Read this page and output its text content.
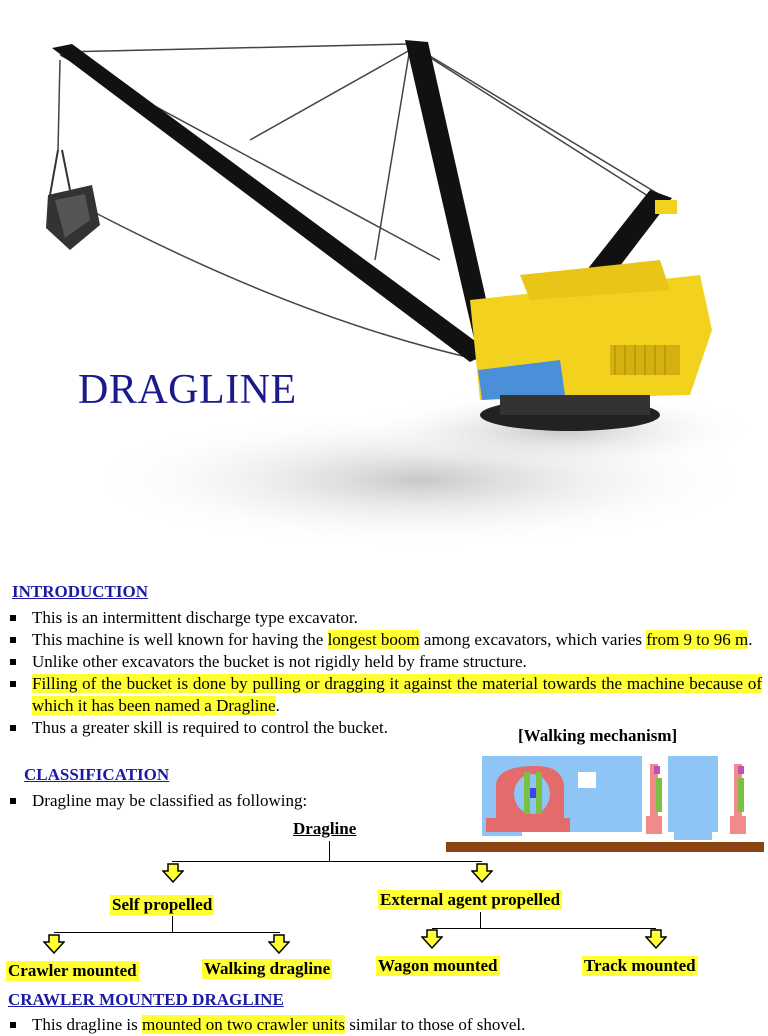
DRAGLINE
INTRODUCTION
This is an intermittent discharge type excavator.
This machine is well known for having the longest boom among excavators, which varies from 9 to 96 m.
Unlike other excavators the bucket is not rigidly held by frame structure.
Filling of the bucket is done by pulling or dragging it against the material towards the machine because of which it has been named a Dragline.
Thus a greater skill is required to control the bucket.	[Walking mechanism]
CLASSIFICATION
Dragline may be classified as following:
Dragline
Self propelled	External agent propelled
Crawler mounted	Walking dragline	Wagon mounted	Track mounted
CRAWLER MOUNTED DRAGLINE
This dragline is mounted on two crawler units similar to those of shovel.
